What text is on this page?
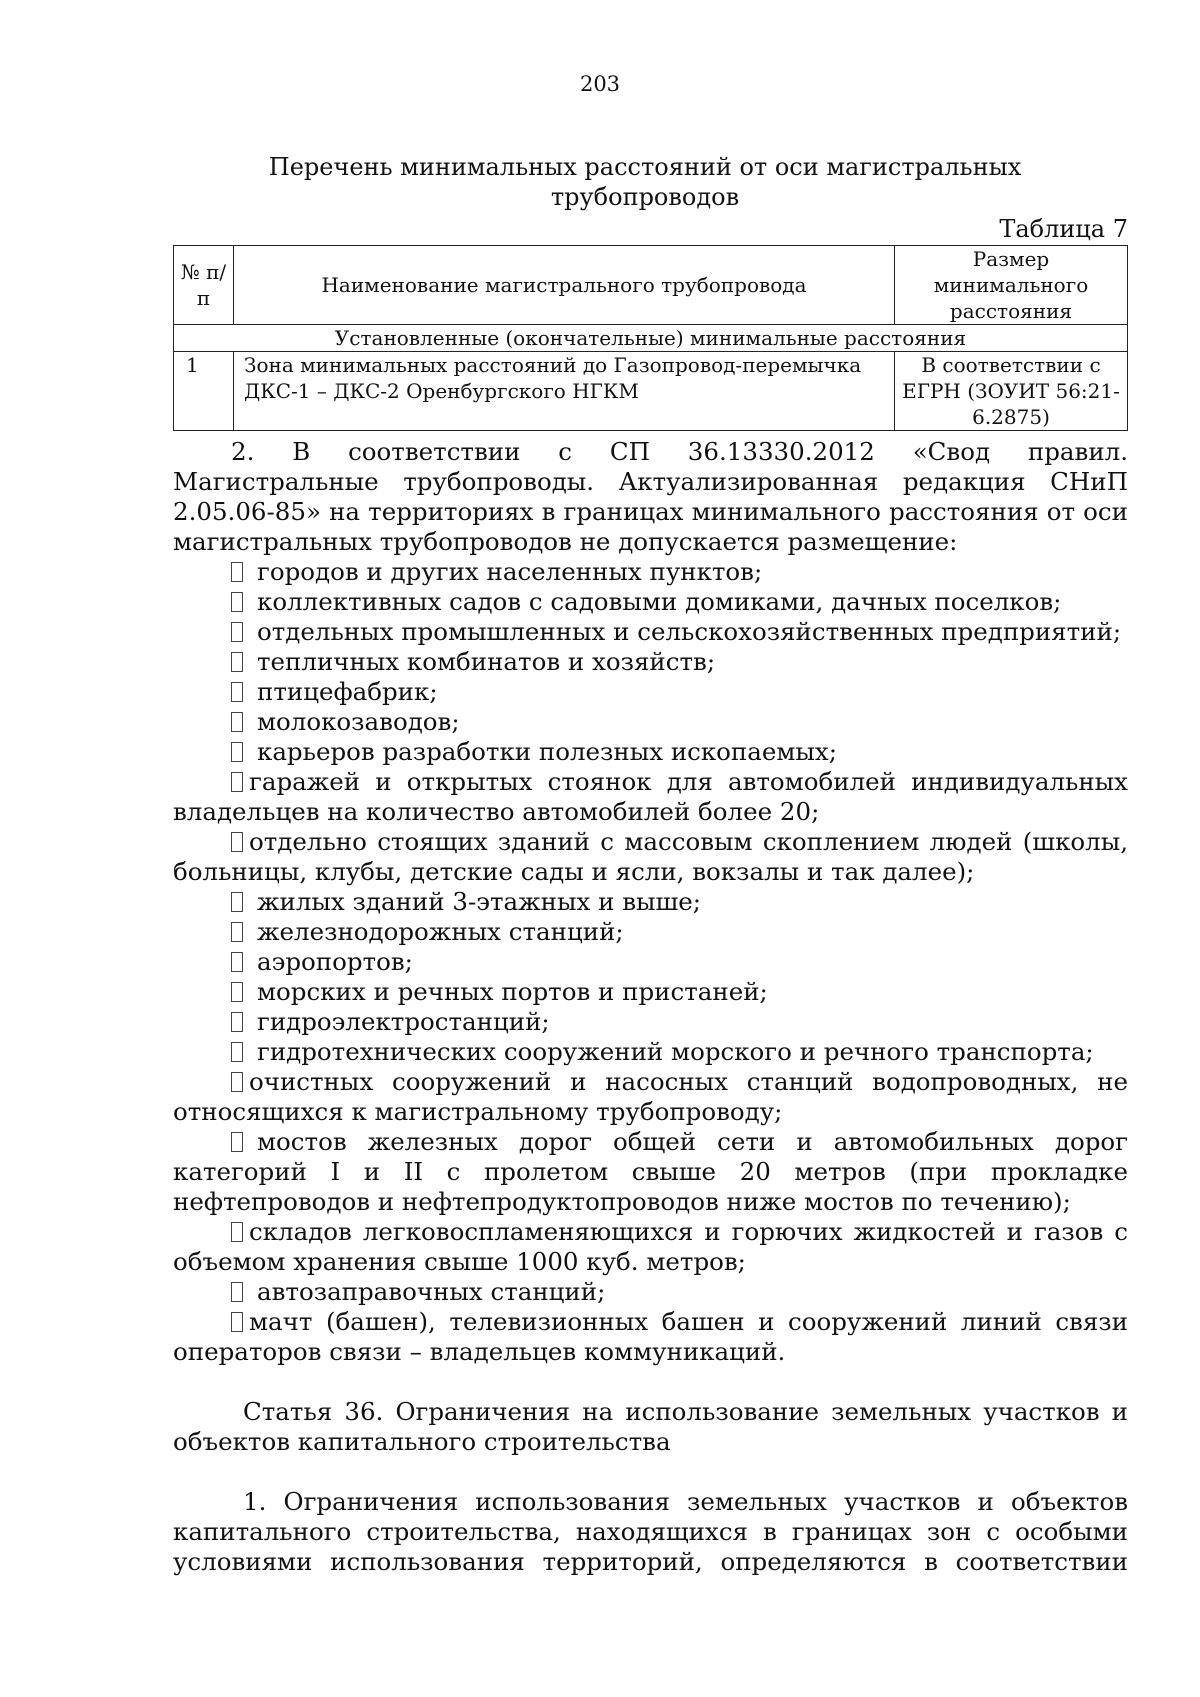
203
Перечень минимальных расстояний от оси магистральных трубопроводов
Таблица 7
№ п/п	Наименование магистрального трубопровода	Размер минимального расстояния
Установленные (окончательные) минимальные расстояния		
1	Зона минимальных расстояний до Газопровод-перемычка ДКС-1 – ДКС-2 Оренбургского НГКМ	В соответствии с ЕГРН (ЗОУИТ 56:21-6.2875)

2. В соответствии с СП 36.13330.2012 «Свод правил. Магистральные трубопроводы. Актуализированная редакция СНиП 2.05.06-85» на территориях в границах минимального расстояния от оси магистральных трубопроводов не допускается размещение:

городов и других населенных пунктов;

коллективных садов с садовыми домиками, дачных поселков;

отдельных промышленных и сельскохозяйственных предприятий;

тепличных комбинатов и хозяйств;

птицефабрик;

молокозаводов;

карьеров разработки полезных ископаемых;

гаражей и открытых стоянок для автомобилей индивидуальных владельцев на количество автомобилей более 20;

отдельно стоящих зданий с массовым скоплением людей (школы, больницы, клубы, детские сады и ясли, вокзалы и так далее);

жилых зданий 3-этажных и выше;

железнодорожных станций;

аэропортов;

морских и речных портов и пристаней;

гидроэлектростанций;

гидротехнических сооружений морского и речного транспорта;

очистных сооружений и насосных станций водопроводных, не относящихся к магистральному трубопроводу;

мостов железных дорог общей сети и автомобильных дорог категорий I и II с пролетом свыше 20 метров (при прокладке нефтепроводов и нефтепродуктопроводов ниже мостов по течению);

складов легковоспламеняющихся и горючих жидкостей и газов с объемом хранения свыше 1000 куб. метров;

автозаправочных станций;

мачт (башен), телевизионных башен и сооружений линий связи операторов связи – владельцев коммуникаций.

Статья 36. Ограничения на использование земельных участков и объектов капитального строительства

1. Ограничения использования земельных участков и объектов капитального строительства, находящихся в границах зон с особыми условиями использования территорий, определяются в соответствии
